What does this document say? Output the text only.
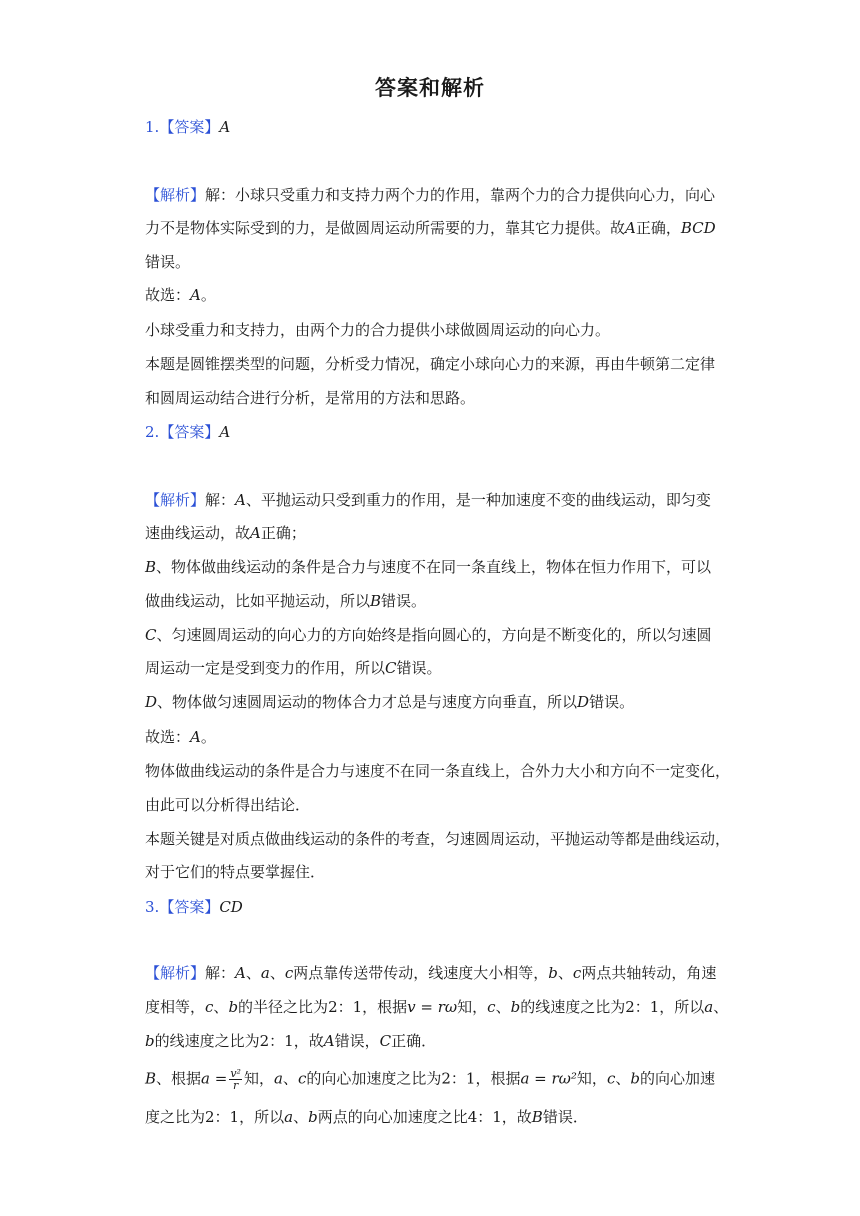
答案和解析
1.【答案】A
【解析】解：小球只受重力和支持力两个力的作用，靠两个力的合力提供向心力，向心
力不是物体实际受到的力，是做圆周运动所需要的力，靠其它力提供。故A正确，BCD
错误。
故选：A。
小球受重力和支持力，由两个力的合力提供小球做圆周运动的向心力。
本题是圆锥摆类型的问题，分析受力情况，确定小球向心力的来源，再由牛顿第二定律
和圆周运动结合进行分析，是常用的方法和思路。
2.【答案】A
【解析】解：A、平抛运动只受到重力的作用，是一种加速度不变的曲线运动，即匀变
速曲线运动，故A正确；
B、物体做曲线运动的条件是合力与速度不在同一条直线上，物体在恒力作用下，可以
做曲线运动，比如平抛运动，所以B错误。
C、匀速圆周运动的向心力的方向始终是指向圆心的，方向是不断变化的，所以匀速圆
周运动一定是受到变力的作用，所以C错误。
D、物体做匀速圆周运动的物体合力才总是与速度方向垂直，所以D错误。
故选：A。
物体做曲线运动的条件是合力与速度不在同一条直线上，合外力大小和方向不一定变化，
由此可以分析得出结论．
本题关键是对质点做曲线运动的条件的考查，匀速圆周运动，平抛运动等都是曲线运动，
对于它们的特点要掌握住．
3.【答案】CD
【解析】解：A、a、c两点靠传送带传动，线速度大小相等，b、c两点共轴转动，角速
度相等，c、b的半径之比为2：1，根据v = rω知，c、b的线速度之比为2：1，所以a、
b的线速度之比为2：1，故A错误，C正确．
B、根据$a = \frac{\text{v²}}{r}$ 知，a、c的向心加速度之比为2：1，根据a = rω²知，c、b的向心加速
度之比为2：1，所以a、b两点的向心加速度之比4：1，故B错误．
